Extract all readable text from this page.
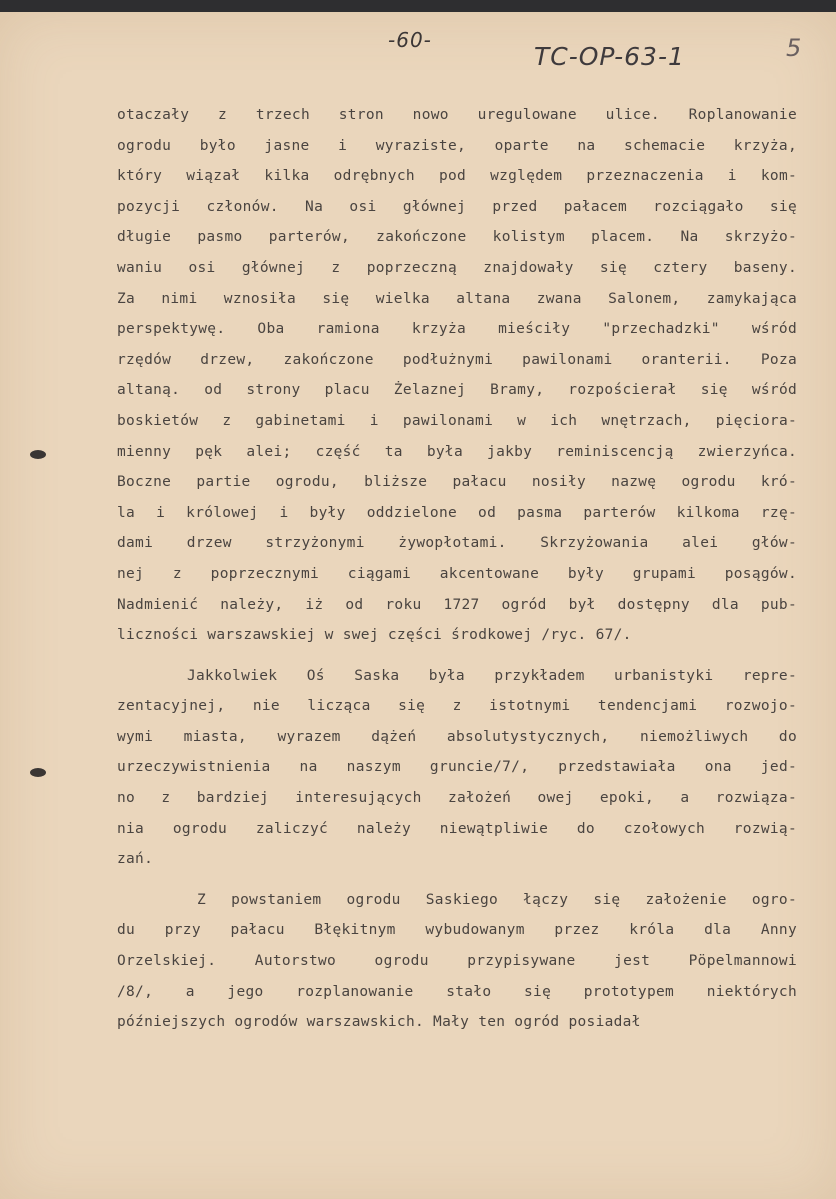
-60-
TC-OP-63-1	5
otaczały z trzech stron nowo uregulowane ulice. Roplanowanie
ogrodu było jasne i wyraziste, oparte na schemacie krzyża,
który wiązał kilka odrębnych pod względem przeznaczenia i kom-
pozycji członów. Na osi głównej przed pałacem rozciągało się
długie pasmo parterów, zakończone kolistym placem. Na skrzyżo-
waniu osi głównej z poprzeczną znajdowały się cztery baseny.
Za nimi wznosiła się wielka altana zwana Salonem, zamykająca
perspektywę. Oba ramiona krzyża mieściły "przechadzki" wśród
rzędów drzew, zakończone podłużnymi pawilonami oranterii. Poza
altaną. od strony placu Żelaznej Bramy, rozpościerał się wśród
boskietów z gabinetami i pawilonami w ich wnętrzach, pięciora-
mienny pęk alei; część ta była jakby reminiscencją zwierzyńca.
Boczne partie ogrodu, bliższe pałacu nosiły nazwę ogrodu kró-
la i królowej i były oddzielone od pasma parterów kilkoma rzę-
dami drzew strzyżonymi żywopłotami. Skrzyżowania alei głów-
nej z poprzecznymi ciągami akcentowane były grupami posągów.
Nadmienić należy, iż od roku 1727 ogród był dostępny dla pub-
liczności warszawskiej w swej części środkowej /ryc. 67/.
Jakkolwiek Oś Saska była przykładem urbanistyki repre-
zentacyjnej, nie licząca się z istotnymi tendencjami rozwojo-
wymi miasta, wyrazem dążeń absolutystycznych, niemożliwych do
urzeczywistnienia na naszym gruncie/7/, przedstawiała ona jed-
no z bardziej interesujących założeń owej epoki, a rozwiąza-
nia ogrodu zaliczyć należy niewątpliwie do czołowych rozwią-
zań.
Z powstaniem ogrodu Saskiego łączy się założenie ogro-
du przy pałacu Błękitnym wybudowanym przez króla dla Anny
Orzelskiej. Autorstwo ogrodu przypisywane jest Pöpelmannowi
/8/, a jego rozplanowanie stało się prototypem niektórych
późniejszych ogrodów warszawskich. Mały ten ogród posiadał
